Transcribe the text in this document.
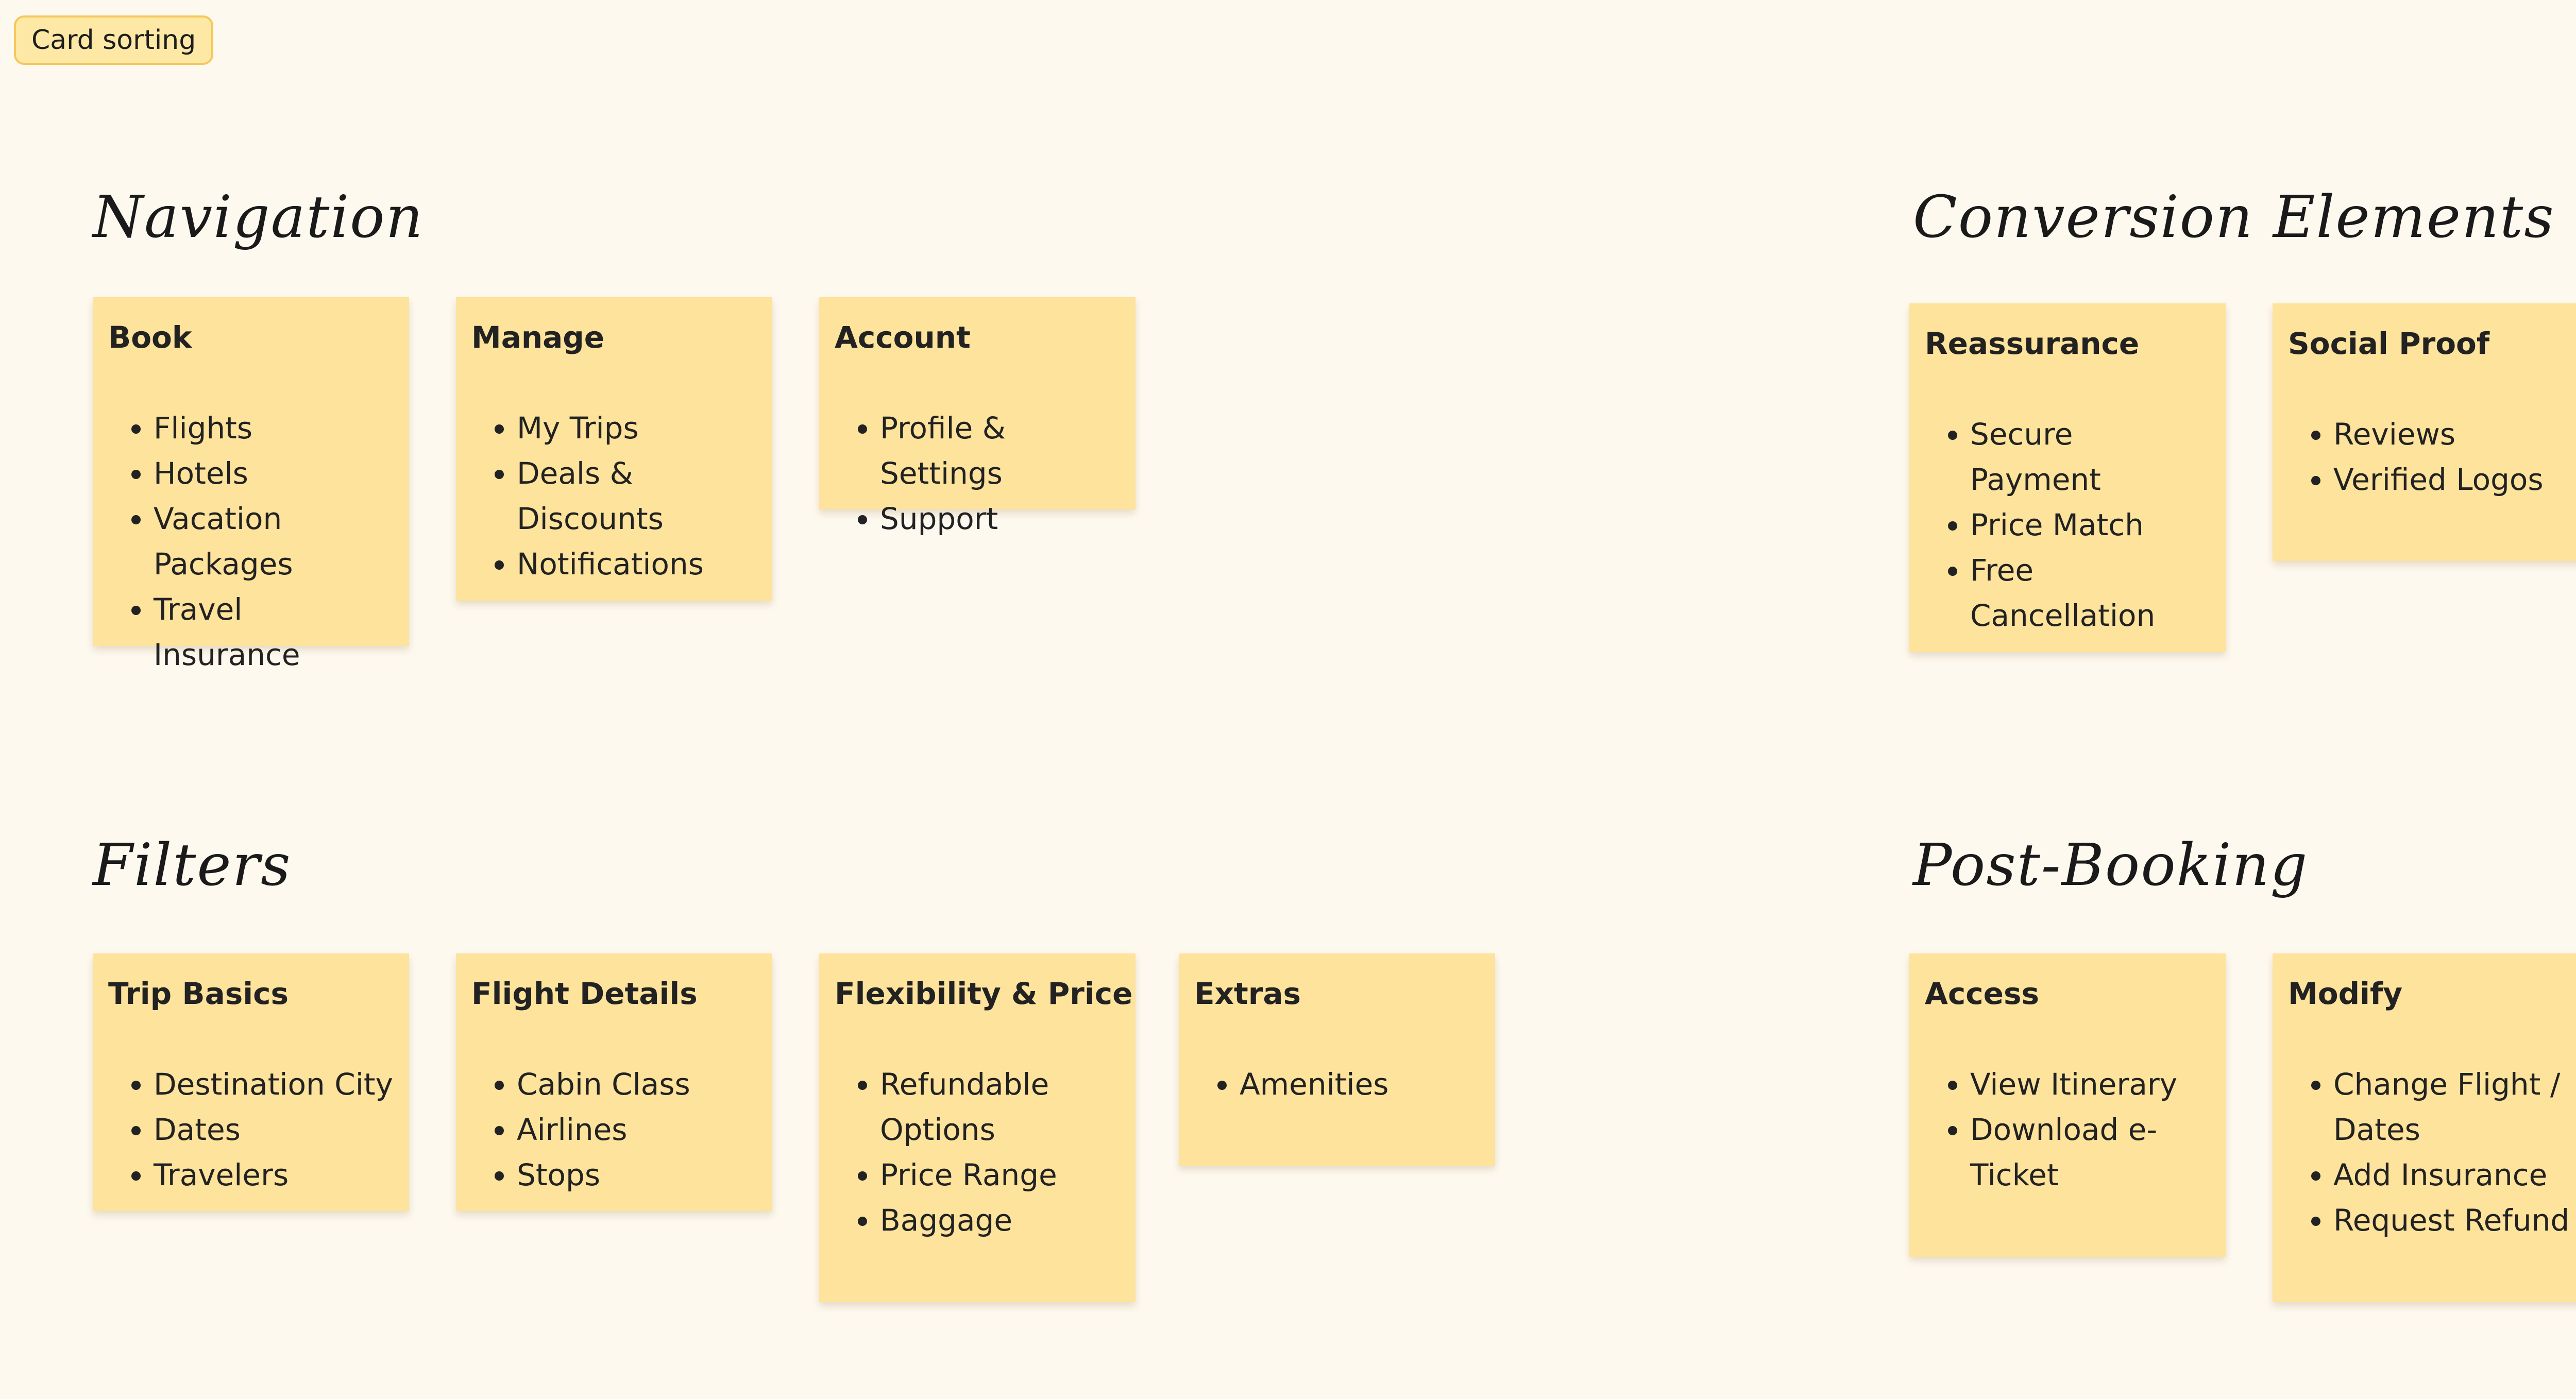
Card sorting
Navigation
Book
• Flights
• Hotels
• Vacation Packages
• Travel Insurance
Manage
• My Trips
• Deals & Discounts
• Notifications
Account
• Profile & Settings
• Support
Conversion Elements
Reassurance
• Secure Payment
• Price Match
• Free Cancellation
Social Proof
• Reviews
• Verified Logos
Filters
Trip Basics
• Destination City
• Dates
• Travelers
Flight Details
• Cabin Class
• Airlines
• Stops
Flexibility & Price
• Refundable Options
• Price Range
• Baggage
Extras
• Amenities
Post-Booking
Access
• View Itinerary
• Download e-Ticket
Modify
• Change Flight / Dates
• Add Insurance
• Request Refund
